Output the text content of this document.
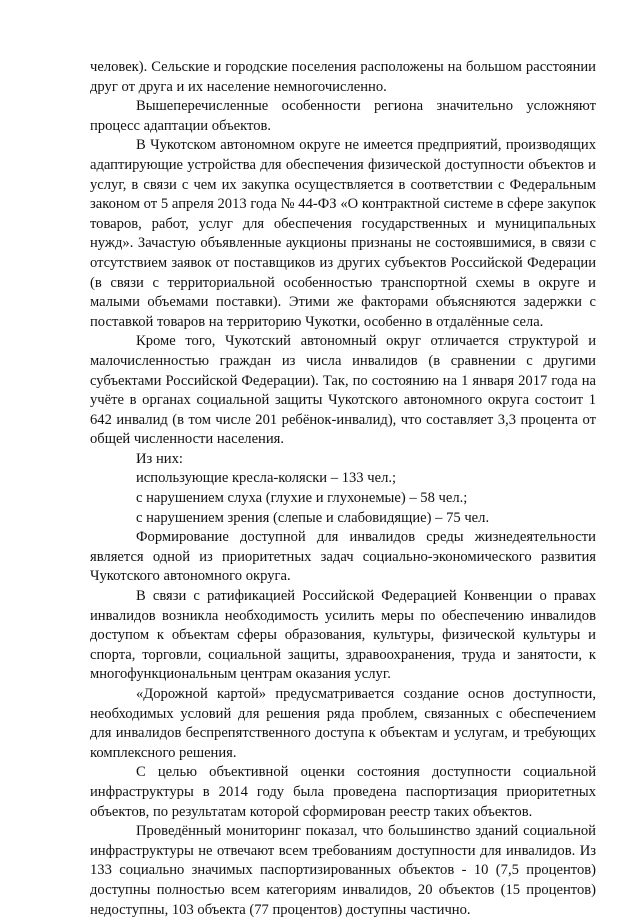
человек). Сельские и городские поселения расположены на большом расстоянии друг от друга и их население немногочисленно.

Вышеперечисленные особенности региона значительно усложняют процесс адаптации объектов.

В Чукотском автономном округе не имеется предприятий, производящих адаптирующие устройства для обеспечения физической доступности объектов и услуг, в связи с чем их закупка осуществляется в соответствии с Федеральным законом от 5 апреля 2013 года № 44-ФЗ «О контрактной системе в сфере закупок товаров, работ, услуг для обеспечения государственных и муниципальных нужд». Зачастую объявленные аукционы признаны не состоявшимися, в связи с отсутствием заявок от поставщиков из других субъектов Российской Федерации (в связи с территориальной особенностью транспортной схемы в округе и малыми объемами поставки). Этими же факторами объясняются задержки с поставкой товаров на территорию Чукотки, особенно в отдалённые села.

Кроме того, Чукотский автономный округ отличается структурой и малочисленностью граждан из числа инвалидов (в сравнении с другими субъектами Российской Федерации). Так, по состоянию на 1 января 2017 года на учёте в органах социальной защиты Чукотского автономного округа состоит 1 642 инвалид (в том числе 201 ребёнок-инвалид), что составляет 3,3 процента от общей численности населения.

Из них:

использующие кресла-коляски – 133 чел.;

с нарушением слуха (глухие и глухонемые) – 58 чел.;

с нарушением зрения (слепые и слабовидящие) – 75 чел.

Формирование доступной для инвалидов среды жизнедеятельности является одной из приоритетных задач социально-экономического развития Чукотского автономного округа.

В связи с ратификацией Российской Федерацией Конвенции о правах инвалидов возникла необходимость усилить меры по обеспечению инвалидов доступом к объектам сферы образования, культуры, физической культуры и спорта, торговли, социальной защиты, здравоохранения, труда и занятости, к многофункциональным центрам оказания услуг.

«Дорожной картой» предусматривается создание основ доступности, необходимых условий для решения ряда проблем, связанных с обеспечением для инвалидов беспрепятственного доступа к объектам и услугам, и требующих комплексного решения.

С целью объективной оценки состояния доступности социальной инфраструктуры в 2014 году была проведена паспортизация приоритетных объектов, по результатам которой сформирован реестр таких объектов.

Проведённый мониторинг показал, что большинство зданий социальной инфраструктуры не отвечают всем требованиям доступности для инвалидов. Из 133 социально значимых паспортизированных объектов - 10 (7,5 процентов) доступны полностью всем категориям инвалидов, 20 объектов (15 процентов) недоступны, 103 объекта (77 процентов) доступны частично.
